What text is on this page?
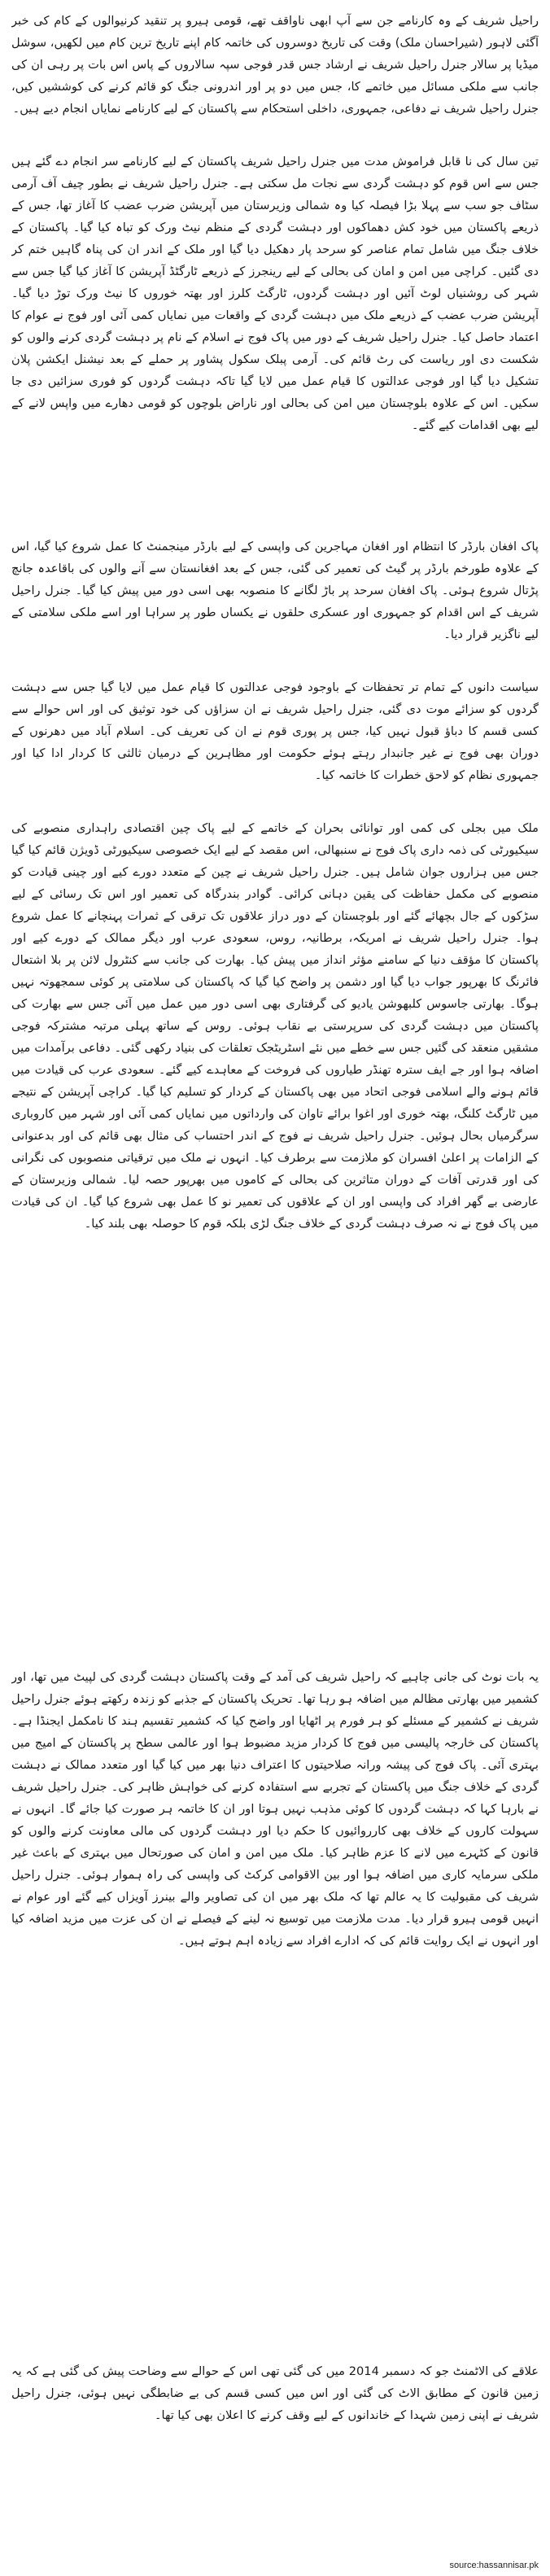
راحیل شریف کے وہ کارنامے جن سے آپ ابھی ناواقف تھے، قومی ہیرو پر تنقید کرنیوالوں کے کام کی خبر آگئی لاہور (شیراحسان ملک) وقت کی تاریخ دوسروں کی خاتمہ کام اپنے تاریخ ترین کام میں لکھیں، سوشل میڈیا پر سالار جنرل راحیل شریف نے ارشاد جس قدر فوجی سپہ سالاروں کے پاس اس بات پر رہی ان کی جانب سے ملکی مسائل میں خاتمے کا، جس میں دو پر اور اندرونی جنگ کو قائم کرنے کی کوششیں کیں، جنرل راحیل شریف نے دفاعی، جمہوری، داخلی استحکام سے پاکستان کے لیے کارنامے نمایاں انجام دیے ہیں۔

تین سال کی نا قابل فراموش مدت میں جنرل راحیل شریف پاکستان کے لیے کارنامے سر انجام دے گئے ہیں جس سے اس قوم کو دہشت گردی سے نجات مل سکتی ہے۔ جنرل راحیل شریف نے بطور چیف آف آرمی سٹاف جو سب سے پہلا بڑا فیصلہ کیا وہ شمالی وزیرستان میں آپریشن ضرب عضب کا آغاز تھا، جس کے ذریعے پاکستان میں خود کش دھماکوں اور دہشت گردی کے منظم نیٹ ورک کو تباہ کیا گیا۔ پاکستان کے خلاف جنگ میں شامل تمام عناصر کو سرحد پار دھکیل دیا گیا اور ملک کے اندر ان کی پناہ گاہیں ختم کر دی گئیں۔ کراچی میں امن و امان کی بحالی کے لیے رینجرز کے ذریعے ٹارگٹڈ آپریشن کا آغاز کیا گیا جس سے شہر کی روشنیاں لوٹ آئیں اور دہشت گردوں، ٹارگٹ کلرز اور بھتہ خوروں کا نیٹ ورک توڑ دیا گیا۔ آپریشن ضرب عضب کے ذریعے ملک میں دہشت گردی کے واقعات میں نمایاں کمی آئی اور فوج نے عوام کا اعتماد حاصل کیا۔ جنرل راحیل شریف کے دور میں پاک فوج نے اسلام کے نام پر دہشت گردی کرنے والوں کو شکست دی اور ریاست کی رٹ قائم کی۔ آرمی پبلک سکول پشاور پر حملے کے بعد نیشنل ایکشن پلان تشکیل دیا گیا اور فوجی عدالتوں کا قیام عمل میں لایا گیا تاکہ دہشت گردوں کو فوری سزائیں دی جا سکیں۔ اس کے علاوہ بلوچستان میں امن کی بحالی اور ناراض بلوچوں کو قومی دھارے میں واپس لانے کے لیے بھی اقدامات کیے گئے۔

پاک افغان بارڈر کا انتظام اور افغان مہاجرین کی واپسی کے لیے بارڈر مینجمنٹ کا عمل شروع کیا گیا، اس کے علاوہ طورخم بارڈر پر گیٹ کی تعمیر کی گئی، جس کے بعد افغانستان سے آنے والوں کی باقاعدہ جانچ پڑتال شروع ہوئی۔ پاک افغان سرحد پر باڑ لگانے کا منصوبہ بھی اسی دور میں پیش کیا گیا۔ جنرل راحیل شریف کے اس اقدام کو جمہوری اور عسکری حلقوں نے یکساں طور پر سراہا اور اسے ملکی سلامتی کے لیے ناگزیر قرار دیا۔

سیاست دانوں کے تمام تر تحفظات کے باوجود فوجی عدالتوں کا قیام عمل میں لایا گیا جس سے دہشت گردوں کو سزائے موت دی گئی، جنرل راحیل شریف نے ان سزاؤں کی خود توثیق کی اور اس حوالے سے کسی قسم کا دباؤ قبول نہیں کیا، جس پر پوری قوم نے ان کی تعریف کی۔ اسلام آباد میں دھرنوں کے دوران بھی فوج نے غیر جانبدار رہتے ہوئے حکومت اور مظاہرین کے درمیان ثالثی کا کردار ادا کیا اور جمہوری نظام کو لاحق خطرات کا خاتمہ کیا۔

ملک میں بجلی کی کمی اور توانائی بحران کے خاتمے کے لیے پاک چین اقتصادی راہداری منصوبے کی سیکیورٹی کی ذمہ داری پاک فوج نے سنبھالی، اس مقصد کے لیے ایک خصوصی سیکیورٹی ڈویژن قائم کیا گیا جس میں ہزاروں جوان شامل ہیں۔ جنرل راحیل شریف نے چین کے متعدد دورے کیے اور چینی قیادت کو منصوبے کی مکمل حفاظت کی یقین دہانی کرائی۔ گوادر بندرگاہ کی تعمیر اور اس تک رسائی کے لیے سڑکوں کے جال بچھائے گئے اور بلوچستان کے دور دراز علاقوں تک ترقی کے ثمرات پہنچانے کا عمل شروع ہوا۔ جنرل راحیل شریف نے امریکہ، برطانیہ، روس، سعودی عرب اور دیگر ممالک کے دورے کیے اور پاکستان کا مؤقف دنیا کے سامنے مؤثر انداز میں پیش کیا۔ بھارت کی جانب سے کنٹرول لائن پر بلا اشتعال فائرنگ کا بھرپور جواب دیا گیا اور دشمن پر واضح کیا گیا کہ پاکستان کی سلامتی پر کوئی سمجھوتہ نہیں ہوگا۔ بھارتی جاسوس کلبھوشن یادیو کی گرفتاری بھی اسی دور میں عمل میں آئی جس سے بھارت کی پاکستان میں دہشت گردی کی سرپرستی بے نقاب ہوئی۔ روس کے ساتھ پہلی مرتبہ مشترکہ فوجی مشقیں منعقد کی گئیں جس سے خطے میں نئے اسٹریٹجک تعلقات کی بنیاد رکھی گئی۔ دفاعی برآمدات میں اضافہ ہوا اور جے ایف سترہ تھنڈر طیاروں کی فروخت کے معاہدے کیے گئے۔ سعودی عرب کی قیادت میں قائم ہونے والے اسلامی فوجی اتحاد میں بھی پاکستان کے کردار کو تسلیم کیا گیا۔ کراچی آپریشن کے نتیجے میں ٹارگٹ کلنگ، بھتہ خوری اور اغوا برائے تاوان کی وارداتوں میں نمایاں کمی آئی اور شہر میں کاروباری سرگرمیاں بحال ہوئیں۔ جنرل راحیل شریف نے فوج کے اندر احتساب کی مثال بھی قائم کی اور بدعنوانی کے الزامات پر اعلیٰ افسران کو ملازمت سے برطرف کیا۔ انہوں نے ملک میں ترقیاتی منصوبوں کی نگرانی کی اور قدرتی آفات کے دوران متاثرین کی بحالی کے کاموں میں بھرپور حصہ لیا۔ شمالی وزیرستان کے عارضی بے گھر افراد کی واپسی اور ان کے علاقوں کی تعمیر نو کا عمل بھی شروع کیا گیا۔ ان کی قیادت میں پاک فوج نے نہ صرف دہشت گردی کے خلاف جنگ لڑی بلکہ قوم کا حوصلہ بھی بلند کیا۔

یہ بات نوٹ کی جانی چاہیے کہ راحیل شریف کی آمد کے وقت پاکستان دہشت گردی کی لپیٹ میں تھا، اور کشمیر میں بھارتی مظالم میں اضافہ ہو رہا تھا۔ تحریک پاکستان کے جذبے کو زندہ رکھتے ہوئے جنرل راحیل شریف نے کشمیر کے مسئلے کو ہر فورم پر اٹھایا اور واضح کیا کہ کشمیر تقسیم ہند کا نامکمل ایجنڈا ہے۔ پاکستان کی خارجہ پالیسی میں فوج کا کردار مزید مضبوط ہوا اور عالمی سطح پر پاکستان کے امیج میں بہتری آئی۔ پاک فوج کی پیشہ ورانہ صلاحیتوں کا اعتراف دنیا بھر میں کیا گیا اور متعدد ممالک نے دہشت گردی کے خلاف جنگ میں پاکستان کے تجربے سے استفادہ کرنے کی خواہش ظاہر کی۔ جنرل راحیل شریف نے بارہا کہا کہ دہشت گردوں کا کوئی مذہب نہیں ہوتا اور ان کا خاتمہ ہر صورت کیا جائے گا۔ انہوں نے سہولت کاروں کے خلاف بھی کارروائیوں کا حکم دیا اور دہشت گردوں کی مالی معاونت کرنے والوں کو قانون کے کٹہرے میں لانے کا عزم ظاہر کیا۔ ملک میں امن و امان کی صورتحال میں بہتری کے باعث غیر ملکی سرمایہ کاری میں اضافہ ہوا اور بین الاقوامی کرکٹ کی واپسی کی راہ ہموار ہوئی۔ جنرل راحیل شریف کی مقبولیت کا یہ عالم تھا کہ ملک بھر میں ان کی تصاویر والے بینرز آویزاں کیے گئے اور عوام نے انہیں قومی ہیرو قرار دیا۔ مدت ملازمت میں توسیع نہ لینے کے فیصلے نے ان کی عزت میں مزید اضافہ کیا اور انہوں نے ایک روایت قائم کی کہ ادارے افراد سے زیادہ اہم ہوتے ہیں۔

علاقے کی الاٹمنٹ جو کہ دسمبر 2014 میں کی گئی تھی اس کے حوالے سے وضاحت پیش کی گئی ہے کہ یہ زمین قانون کے مطابق الاٹ کی گئی اور اس میں کسی قسم کی بے ضابطگی نہیں ہوئی، جنرل راحیل شریف نے اپنی زمین شہدا کے خاندانوں کے لیے وقف کرنے کا اعلان بھی کیا تھا۔

source:hassannisar.pk
